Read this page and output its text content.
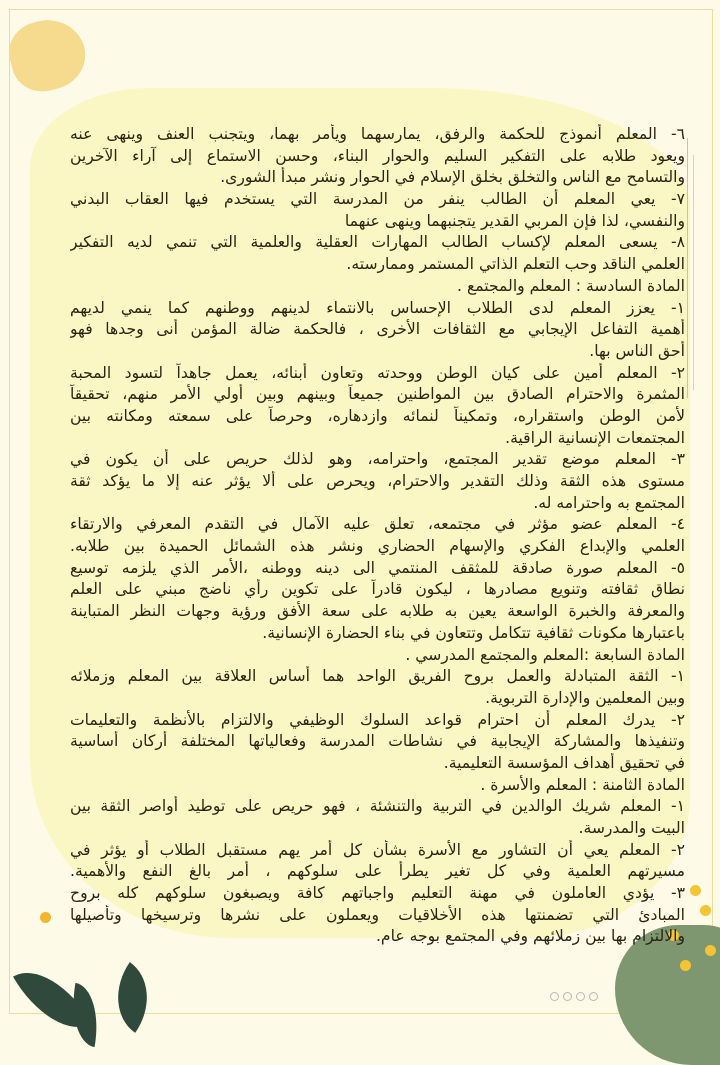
٦- المعلم أنموذج للحكمة والرفق، يمارسهما ويأمر بهما، ويتجنب العنف وينهى عنه
ويعود طلابه على التفكير السليم والحوار البناء، وحسن الاستماع إلى آراء الآخرين
والتسامح مع الناس والتخلق بخلق الإسلام في الحوار ونشر مبدأ الشورى.
٧- يعي المعلم أن الطالب ينفر من المدرسة التي يستخدم فيها العقاب البدني
والنفسي، لذا فإن المربي القدير يتجنبهما وينهى عنهما
٨- يسعى المعلم لإكساب الطالب المهارات العقلية والعلمية التي تنمي لديه التفكير
العلمي الناقد وحب التعلم الذاتي المستمر وممارسته.
المادة السادسة : المعلم والمجتمع .
١- يعزز المعلم لدى الطلاب الإحساس بالانتماء لدينهم ووطنهم كما ينمي لديهم
أهمية التفاعل الإيجابي مع الثقافات الأخرى ، فالحكمة ضالة المؤمن أنى وجدها فهو
أحق الناس بها.
٢- المعلم أمين على كيان الوطن ووحدته وتعاون أبنائه، يعمل جاهداً لتسود المحبة
المثمرة والاحترام الصادق بين المواطنين جميعاً وبينهم وبين أولي الأمر منهم، تحقيقاً
لأمن الوطن واستقراره، وتمكيناً لنمائه وازدهاره، وحرصاً على سمعته ومكانته بين
المجتمعات الإنسانية الراقية.
٣- المعلم موضع تقدير المجتمع، واحترامه، وهو لذلك حريص على أن يكون في
مستوى هذه الثقة وذلك التقدير والاحترام، ويحرص على ألا يؤثر عنه إلا ما يؤكد ثقة
المجتمع به واحترامه له.
٤- المعلم عضو مؤثر في مجتمعه، تعلق عليه الآمال في التقدم المعرفي والارتقاء
العلمي والإبداع الفكري والإسهام الحضاري ونشر هذه الشمائل الحميدة بين طلابه.
٥- المعلم صورة صادقة للمثقف المنتمي الى دينه ووطنه ،الأمر الذي يلزمه توسيع
نطاق ثقافته وتنويع مصادرها ، ليكون قادراً على تكوين رأي ناضج مبني على العلم
والمعرفة والخبرة الواسعة يعين به طلابه على سعة الأفق ورؤية وجهات النظر المتباينة
باعتبارها مكونات ثقافية تتكامل وتتعاون في بناء الحضارة الإنسانية.
المادة السابعة :المعلم والمجتمع المدرسي .
١- الثقة المتبادلة والعمل بروح الفريق الواحد هما أساس العلاقة بين المعلم وزملائه
وبين المعلمين والإدارة التربوية.
٢- يدرك المعلم أن احترام قواعد السلوك الوظيفي والالتزام بالأنظمة والتعليمات
وتنفيذها والمشاركة الإيجابية في نشاطات المدرسة وفعالياتها المختلفة أركان أساسية
في تحقيق أهداف المؤسسة التعليمية.
المادة الثامنة : المعلم والأسرة .
١- المعلم شريك الوالدين في التربية والتنشئة ، فهو حريص على توطيد أواصر الثقة بين
البيت والمدرسة.
٢- المعلم يعي أن التشاور مع الأسرة بشأن كل أمر يهم مستقبل الطلاب أو يؤثر في
مسيرتهم العلمية وفي كل تغير يطرأ على سلوكهم ، أمر بالغ النفع والأهمية.
٣- يؤدي العاملون في مهنة التعليم واجباتهم كافة ويصبغون سلوكهم كله بروح
المبادئ التي تضمنتها هذه الأخلاقيات ويعملون على نشرها وترسيخها وتأصيلها
والالتزام بها بين زملائهم وفي المجتمع بوجه عام.
